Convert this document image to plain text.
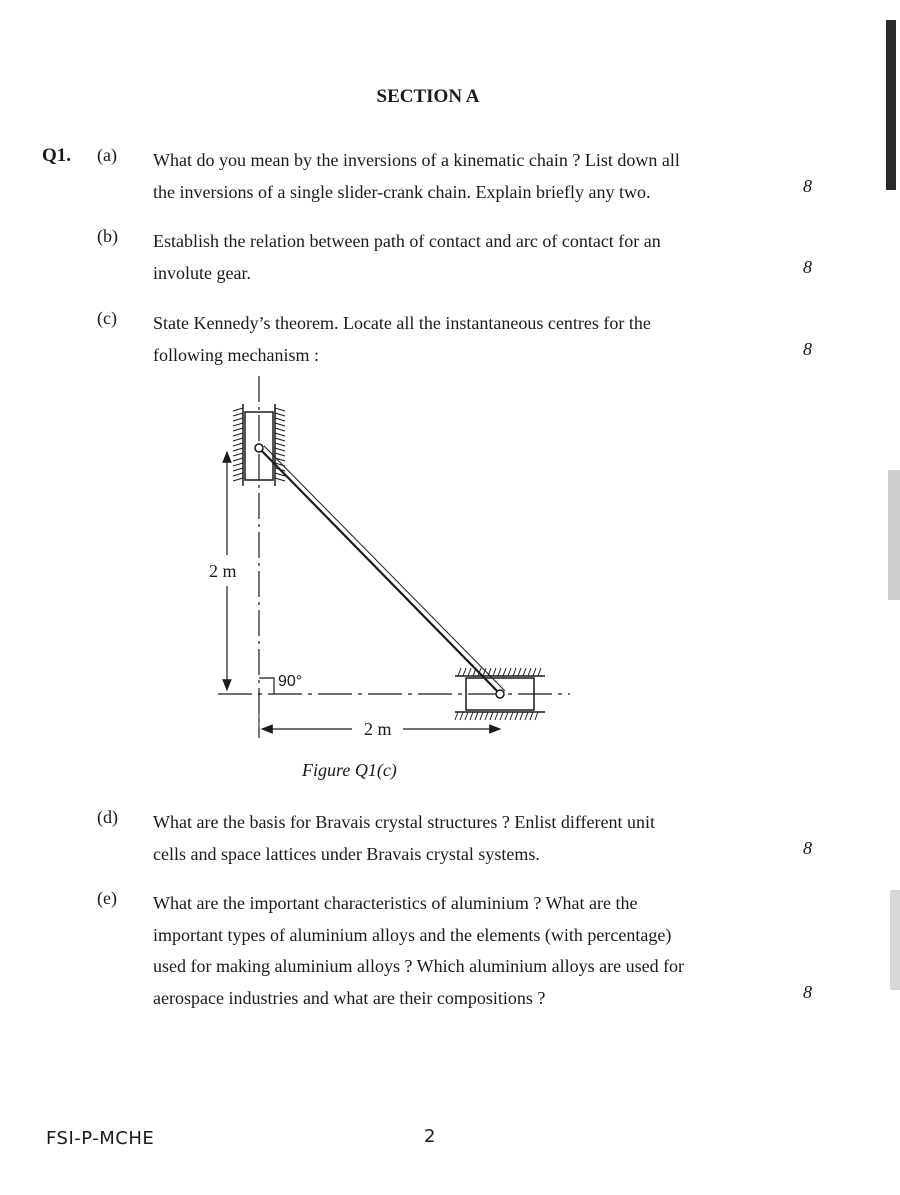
SECTION A
Q1. (a) What do you mean by the inversions of a kinematic chain ? List down all
the inversions of a single slider-crank chain. Explain briefly any two.	8
(b) Establish the relation between path of contact and arc of contact for an
involute gear.	8
(c) State Kennedy’s theorem. Locate all the instantaneous centres for the
following mechanism :	8
2 m
2 m
90°
Figure Q1(c)
(d) What are the basis for Bravais crystal structures ? Enlist different unit
cells and space lattices under Bravais crystal systems.	8
(e) What are the important characteristics of aluminium ? What are the
important types of aluminium alloys and the elements (with percentage)
used for making aluminium alloys ? Which aluminium alloys are used for
aerospace industries and what are their compositions ?	8
FSI-P-MCHE	2
